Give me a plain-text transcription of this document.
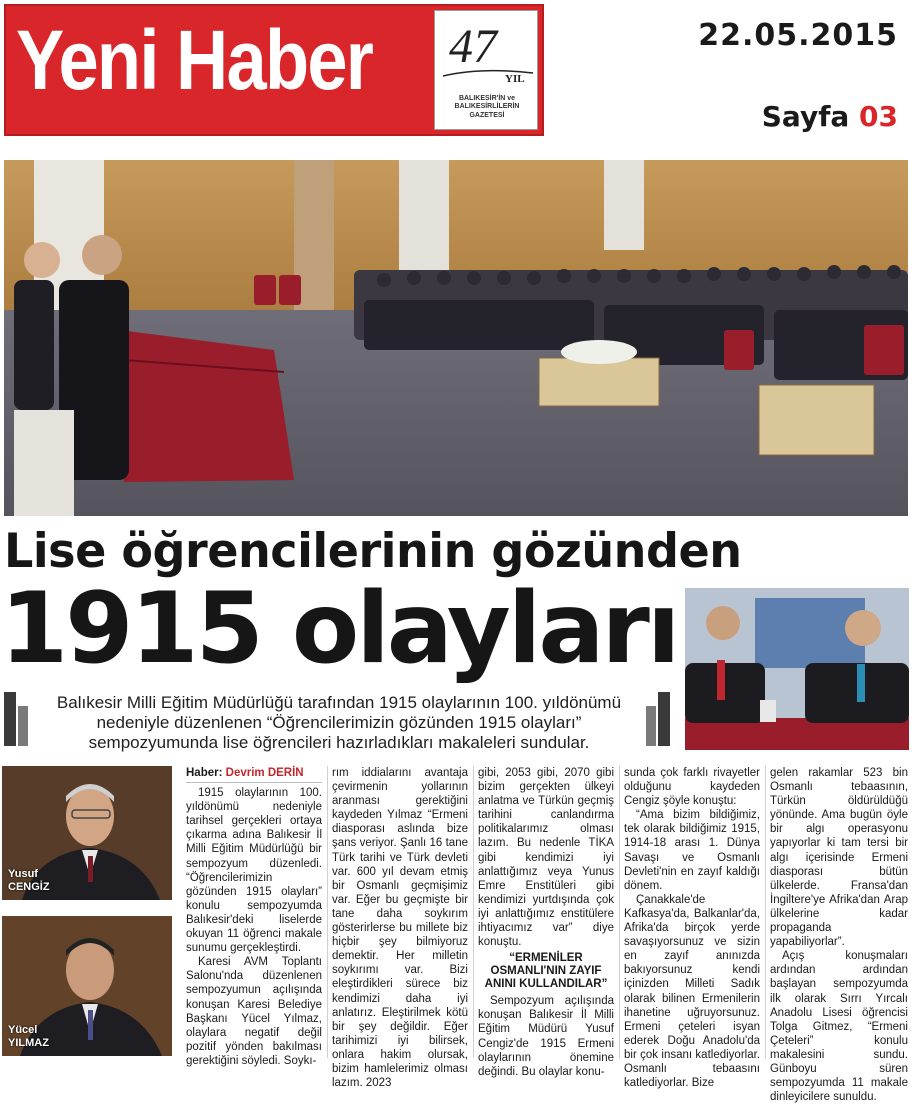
Yeni Haber 47
YIL
BALIKESİR'İN ve BALIKESİRLİLERİN GAZETESİ
22.05.2015
Sayfa 03
Lise öğrencilerinin gözünden
1915 olayları
Balıkesir Milli Eğitim Müdürlüğü tarafından 1915 olaylarının 100. yıldönümü nedeniyle düzenlenen “Öğrencilerimizin gözünden 1915 olayları” sempozyumunda lise öğrencileri hazırladıkları makaleleri sundular.
Yusuf
CENGİZ
Yücel
YILMAZ

Haber: Devrim DERİN

1915 olaylarının 100. yıldönümü nedeniyle tarihsel gerçekleri ortaya çıkarma adına Balıkesir İl Milli Eğitim Müdürlüğü bir sempozyum düzenledi. “Öğrencilerimizin gözünden 1915 olayları” konulu sempozyumda Balıkesir'deki liselerde okuyan 11 öğrenci makale sunumu gerçekleştirdi.

Karesi AVM Toplantı Salonu'nda düzenlenen sempozyumun açılışında konuşan Karesi Belediye Başkanı Yücel Yılmaz, olaylara negatif değil pozitif yönden bakılması gerektiğini söyledi. Soykı-

rım iddialarını avantaja çevirmenin yollarının aranması gerektiğini kaydeden Yılmaz “Ermeni diasporası aslında bize şans veriyor. Şanlı 16 tane Türk tarihi ve Türk devleti var. 600 yıl devam etmiş bir Osmanlı geçmişimiz var. Eğer bu geçmişte bir tane daha soykırım gösterirlerse bu millete biz hiçbir şey bilmiyoruz demektir. Her milletin soykırımı var. Bizi eleştirdikleri sürece biz kendimizi daha iyi anlatırız. Eleştirilmek kötü bir şey değildir. Eğer tarihimizi iyi bilirsek, onlara hakim olursak, bizim hamlelerimiz olması lazım. 2023

gibi, 2053 gibi, 2070 gibi bizim gerçekten ülkeyi anlatma ve Türkün geçmiş tarihini canlandırma politikalarımız olması lazım. Bu nedenle TİKA gibi kendimizi iyi anlattığımız veya Yunus Emre Enstitüleri gibi kendimizi yurtdışında çok iyi anlattığımız enstitülere ihtiyacımız var” diye konuştu.

“ERMENİLER OSMANLI'NIN ZAYIF ANINI KULLANDILAR”

Sempozyum açılışında konuşan Balıkesir İl Milli Eğitim Müdürü Yusuf Cengiz'de 1915 Ermeni olaylarının önemine değindi. Bu olaylar konu-

sunda çok farklı rivayetler olduğunu kaydeden Cengiz şöyle konuştu:

“Ama bizim bildiğimiz, tek olarak bildiğimiz 1915, 1914-18 arası 1. Dünya Savaşı ve Osmanlı Devleti'nin en zayıf kaldığı dönem.

Çanakkale'de Kafkasya'da, Balkanlar'da, Afrika'da birçok yerde savaşıyorsunuz ve sizin en zayıf anınızda bakıyorsunuz kendi içinizden Milleti Sadık olarak bilinen Ermenilerin ihanetine uğruyorsunuz. Ermeni çeteleri isyan ederek Doğu Anadolu'da bir çok insanı katlediyorlar. Osmanlı tebaasını katlediyorlar. Bize

gelen rakamlar 523 bin Osmanlı tebaasının, Türkün öldürüldüğü yönünde. Ama bugün öyle bir algı operasyonu yapıyorlar ki tam tersi bir algı içerisinde Ermeni diasporası bütün ülkelerde. Fransa'dan İngiltere'ye Afrika'dan Arap ülkelerine kadar propaganda yapabiliyorlar”.

Açış konuşmaları ardından ardından başlayan sempozyumda ilk olarak Sırrı Yırcalı Anadolu Lisesi öğrencisi Tolga Gitmez, “Ermeni Çeteleri” konulu makalesini sundu. Günboyu süren sempozyumda 11 makale dinleyicilere sunuldu.
